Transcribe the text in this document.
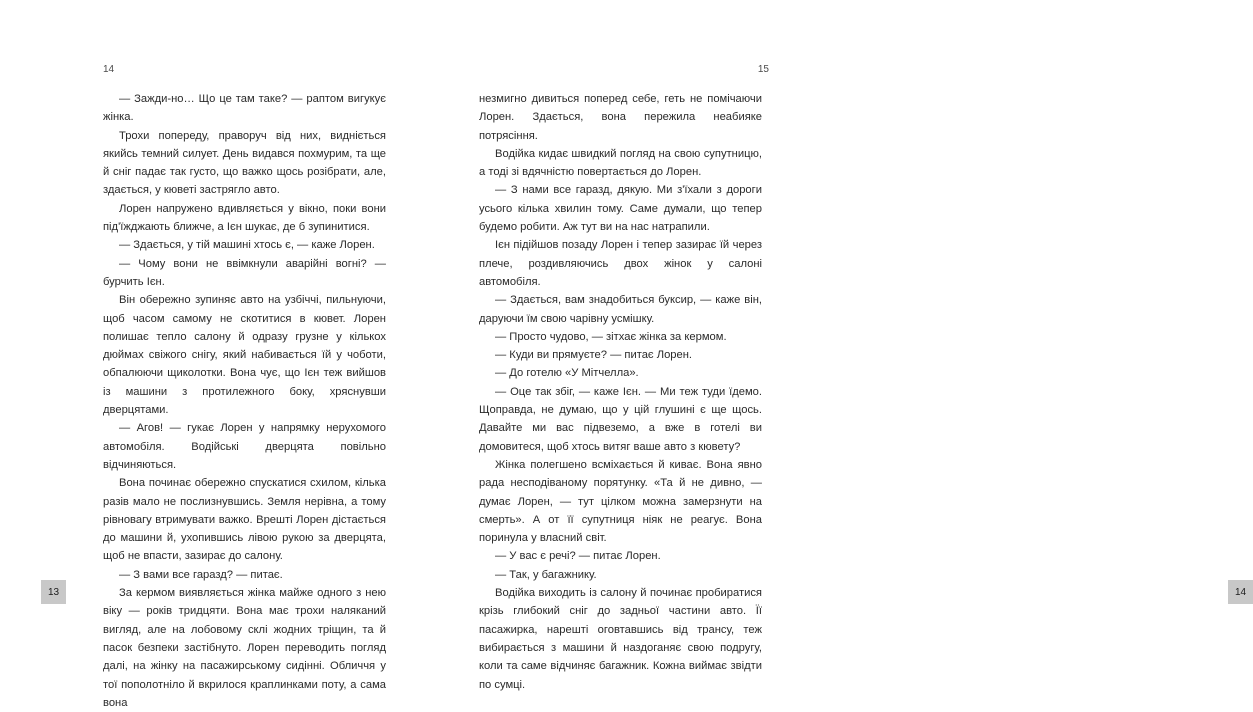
14

— Зажди-но… Що це там таке? — раптом вигукує жінка.

Трохи попереду, праворуч від них, виднiється якийсь темний силует. День видався похмурим, та ще й сніг падає так густо, що важко щось розібрати, але, здається, у кюветі застрягло авто.

Лорен напружено вдивляється у вікно, поки вони під'їжджають ближче, а Ієн шукає, де б зупинитися.

— Здається, у тій машині хтось є, — каже Лорен.

— Чому вони не ввімкнули аварійні вогні? — бурчить Ієн.

Він обережно зупиняє авто на узбіччі, пильнуючи, щоб часом самому не скотитися в кювет. Лорен полишає тепло салону й одразу грузне у кількох дюймах свіжого снігу, який набивається їй у чоботи, обпалюючи щиколотки. Вона чує, що Ієн теж вийшов із машини з протилежного боку, хряснувши дверцятами.

— Агов! — гукає Лорен у напрямку нерухомого автомобіля. Водійські дверцята повільно відчиняються.

Вона починає обережно спускатися схилом, кілька разів мало не послизнувшись. Земля нерівна, а тому рівновагу втримувати важко. Врешті Лорен дістається до машини й, ухопившись лівою рукою за дверцята, щоб не впасти, зазирає до салону.

— З вами все гаразд? — питає.

За кермом виявляється жінка майже одного з нею віку — років тридцяти. Вона має трохи наляканий вигляд, але на лобовому склі жодних тріщин, та й пасок безпеки застібнуто. Лорен переводить погляд далі, на жінку на пасажирському сидінні. Обличчя у тої пополотніло й вкрилося краплинками поту, а сама вона

13
15

незмигно дивиться поперед себе, геть не помічаючи Лорен. Здається, вона пережила неабияке потрясіння.

Водійка кидає швидкий погляд на свою супутницю, а тоді зі вдячністю повертається до Лорен.

— З нами все гаразд, дякую. Ми з'їхали з дороги усього кілька хвилин тому. Саме думали, що тепер будемо робити. Аж тут ви на нас натрапили.

Ієн підійшов позаду Лорен і тепер зазирає їй через плече, роздивляючись двох жінок у салоні автомобіля.

— Здається, вам знадобиться буксир, — каже він, даруючи їм свою чарівну усмішку.

— Просто чудово, — зітхає жінка за кермом.

— Куди ви прямуєте? — питає Лорен.

— До готелю «У Мітчелла».

— Оце так збіг, — каже Ієн. — Ми теж туди їдемо. Щоправда, не думаю, що у цій глушині є ще щось. Давайте ми вас підвеземо, а вже в готелі ви домовитеся, щоб хтось витяг ваше авто з кювету?

Жінка полегшено всміхається й киває. Вона явно рада несподіваному порятунку. «Та й не дивно, — думає Лорен, — тут цілком можна замерзнути на смерть». А от її супутниця ніяк не реагує. Вона поринула у власний світ.

— У вас є речі? — питає Лорен.

— Так, у багажнику.

Водійка виходить із салону й починає пробиратися крізь глибокий сніг до задньої частини авто. Її пасажирка, нарешті оговтавшись від трансу, теж вибирається з машини й наздоганяє свою подругу, коли та саме відчиняє багажник. Кожна виймає звідти по сумці.

14
